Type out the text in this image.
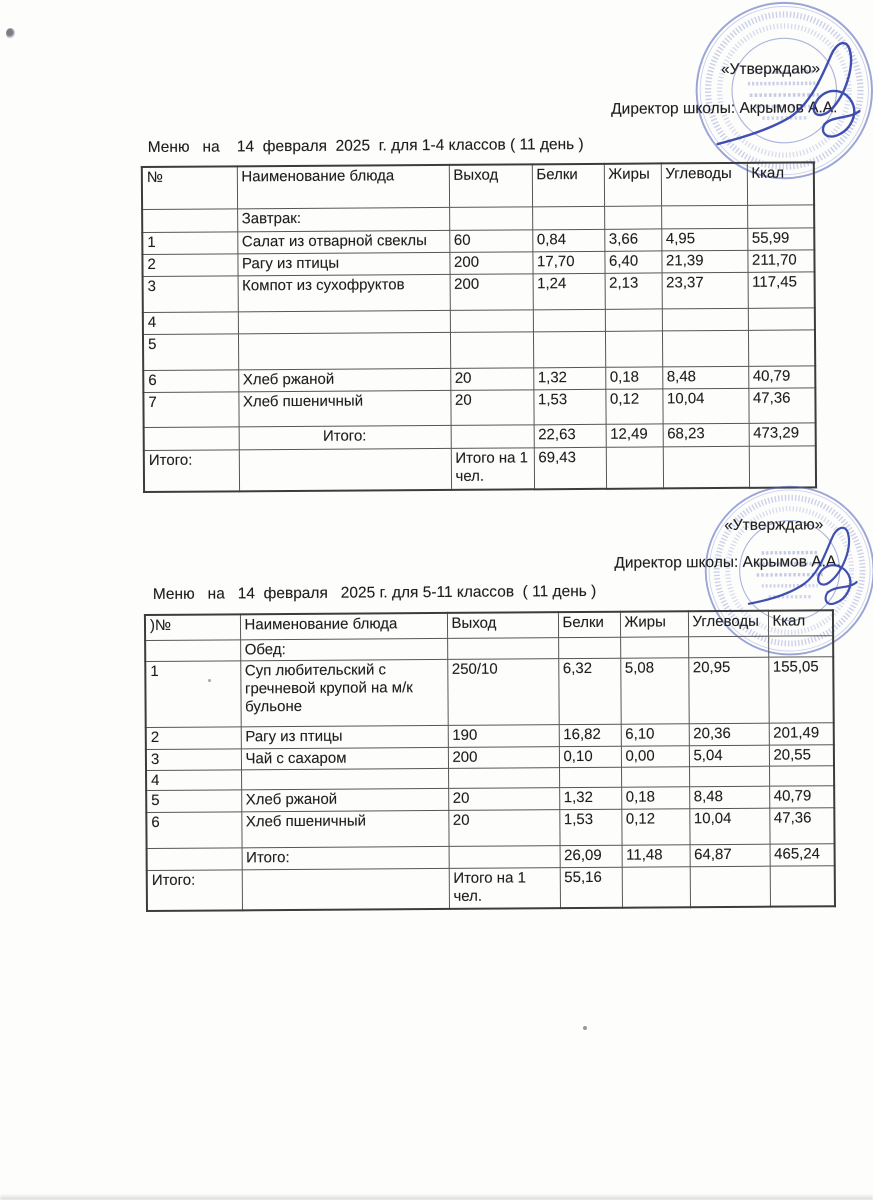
«Утверждаю»
Директор школы: Акрымов А.А.
Меню   на    14  февраля  2025  г. для 1-4 классов ( 11 день )
№	Наименование блюда	Выход	Белки	Жиры	Углеводы	Ккал
	Завтрак:					
1	Салат из отварной свеклы	60	0,84	3,66	4,95	55,99
2	Рагу из птицы	200	17,70	6,40	21,39	211,70
3	Компот из сухофруктов	200	1,24	2,13	23,37	117,45
4						
5						
6	Хлеб ржаной	20	1,32	0,18	8,48	40,79
7	Хлеб пшеничный	20	1,53	0,12	10,04	47,36
	Итого:		22,63	12,49	68,23	473,29
Итого:		Итого на 1 чел.	69,43			
«Утверждаю»
Директор школы: Акрымов А.А.
Меню   на   14  февраля   2025 г. для 5-11 классов  ( 11 день )
)№	Наименование блюда	Выход	Белки	Жиры	Углеводы	Ккал
	Обед:					
1	Суп любительский с гречневой крупой на м/к бульоне	250/10	6,32	5,08	20,95	155,05
2	Рагу из птицы	190	16,82	6,10	20,36	201,49
3	Чай с сахаром	200	0,10	0,00	5,04	20,55
4						
5	Хлеб ржаной	20	1,32	0,18	8,48	40,79
6	Хлеб пшеничный	20	1,53	0,12	10,04	47,36
	Итого:		26,09	11,48	64,87	465,24
Итого:		Итого на 1 чел.	55,16			
